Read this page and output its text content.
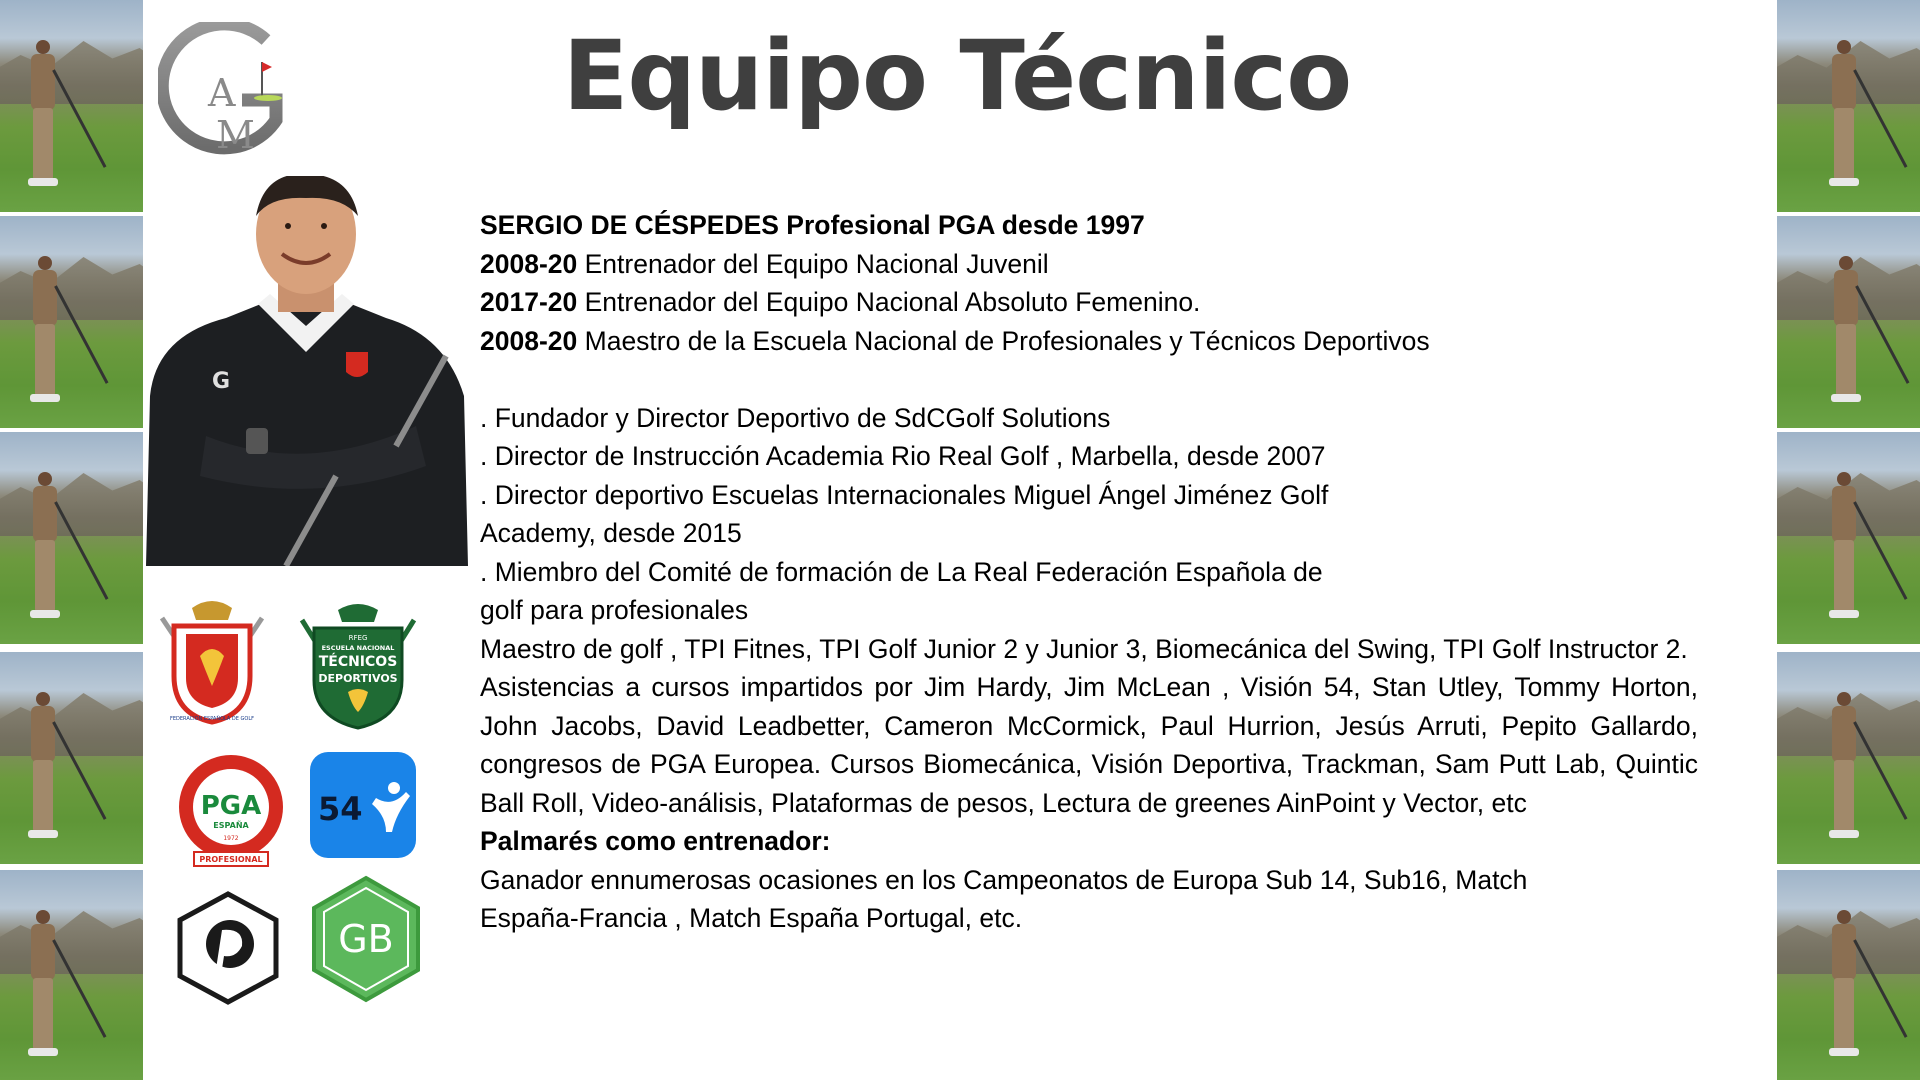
A
M
Equipo Técnico
G
FEDERACIÓN ESPAÑOLA DE GOLF
RFEG
ESCUELA NACIONAL
TÉCNICOS
DEPORTIVOS
PGA
ESPAÑA
1972
PROFESIONAL
54
GB

SERGIO DE CÉSPEDES Profesional PGA desde 1997

2008-20 Entrenador del Equipo Nacional Juvenil

2017-20 Entrenador del Equipo Nacional Absoluto Femenino.

2008-20 Maestro de la Escuela Nacional de Profesionales y Técnicos Deportivos

. Fundador y Director Deportivo de SdCGolf Solutions

. Director de Instrucción Academia Rio Real Golf , Marbella, desde 2007

. Director deportivo Escuelas Internacionales Miguel Ángel Jiménez Golf

Academy, desde 2015

. Miembro del Comité de formación de La Real Federación Española de

golf para profesionales

Maestro de golf , TPI Fitnes, TPI Golf Junior 2 y Junior 3, Biomecánica del Swing, TPI Golf Instructor 2.

Asistencias a cursos impartidos por Jim Hardy, Jim McLean , Visión 54, Stan Utley, Tommy Horton, John Jacobs, David Leadbetter, Cameron McCormick, Paul Hurrion, Jesús Arruti, Pepito Gallardo, congresos de PGA Europea. Cursos Biomecánica, Visión Deportiva, Trackman, Sam Putt Lab, Quintic Ball Roll, Video-análisis, Plataformas de pesos, Lectura de greenes AinPoint y Vector, etc

Palmarés como entrenador:

Ganador ennumerosas ocasiones en los Campeonatos de Europa Sub 14, Sub16, Match

España-Francia , Match España Portugal, etc.
